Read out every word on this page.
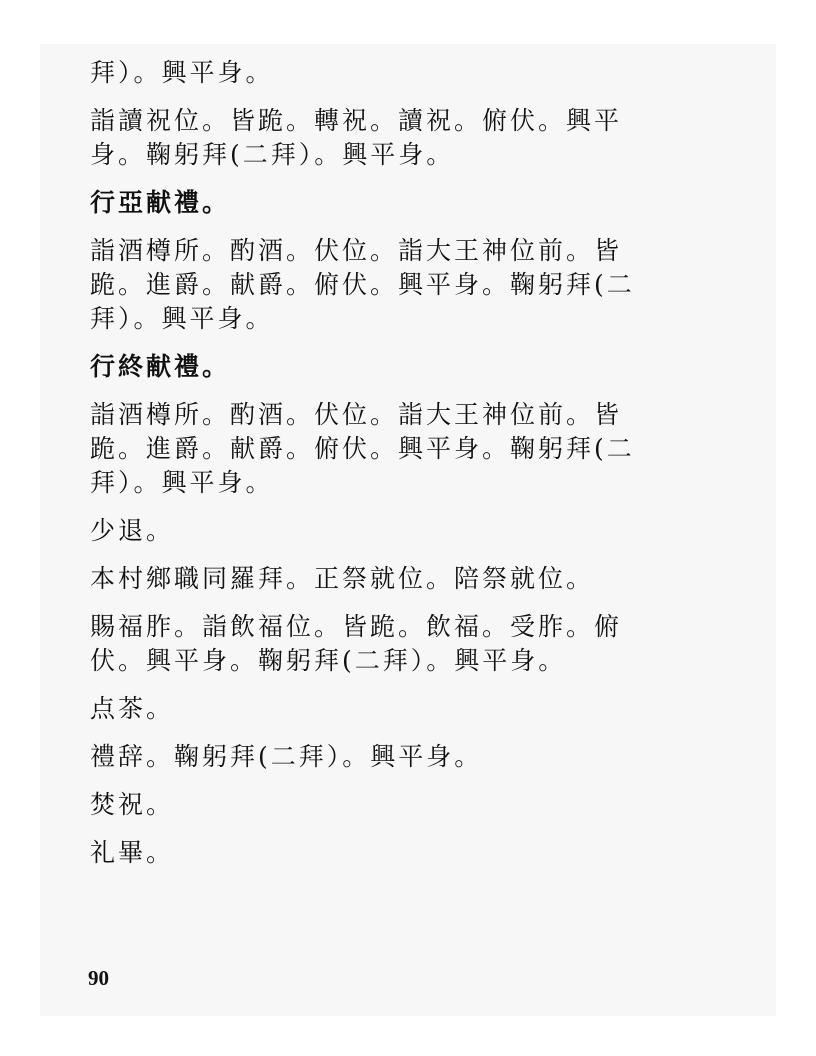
拜）。興平身。

詣讀祝位。皆跪。轉祝。讀祝。俯伏。興平
身。鞠躬拜(二拜）。興平身。

行亞献禮。

詣酒樽所。酌酒。伏位。詣大王神位前。皆
跪。進爵。献爵。俯伏。興平身。鞠躬拜(二
拜）。興平身。

行終献禮。

詣酒樽所。酌酒。伏位。詣大王神位前。皆
跪。進爵。献爵。俯伏。興平身。鞠躬拜(二
拜）。興平身。

少退。

本村鄉職同羅拜。正祭就位。陪祭就位。

賜福胙。詣飲福位。皆跪。飲福。受胙。俯
伏。興平身。鞠躬拜(二拜）。興平身。

点茶。

禮辞。鞠躬拜(二拜）。興平身。

焚祝。

礼畢。

90
